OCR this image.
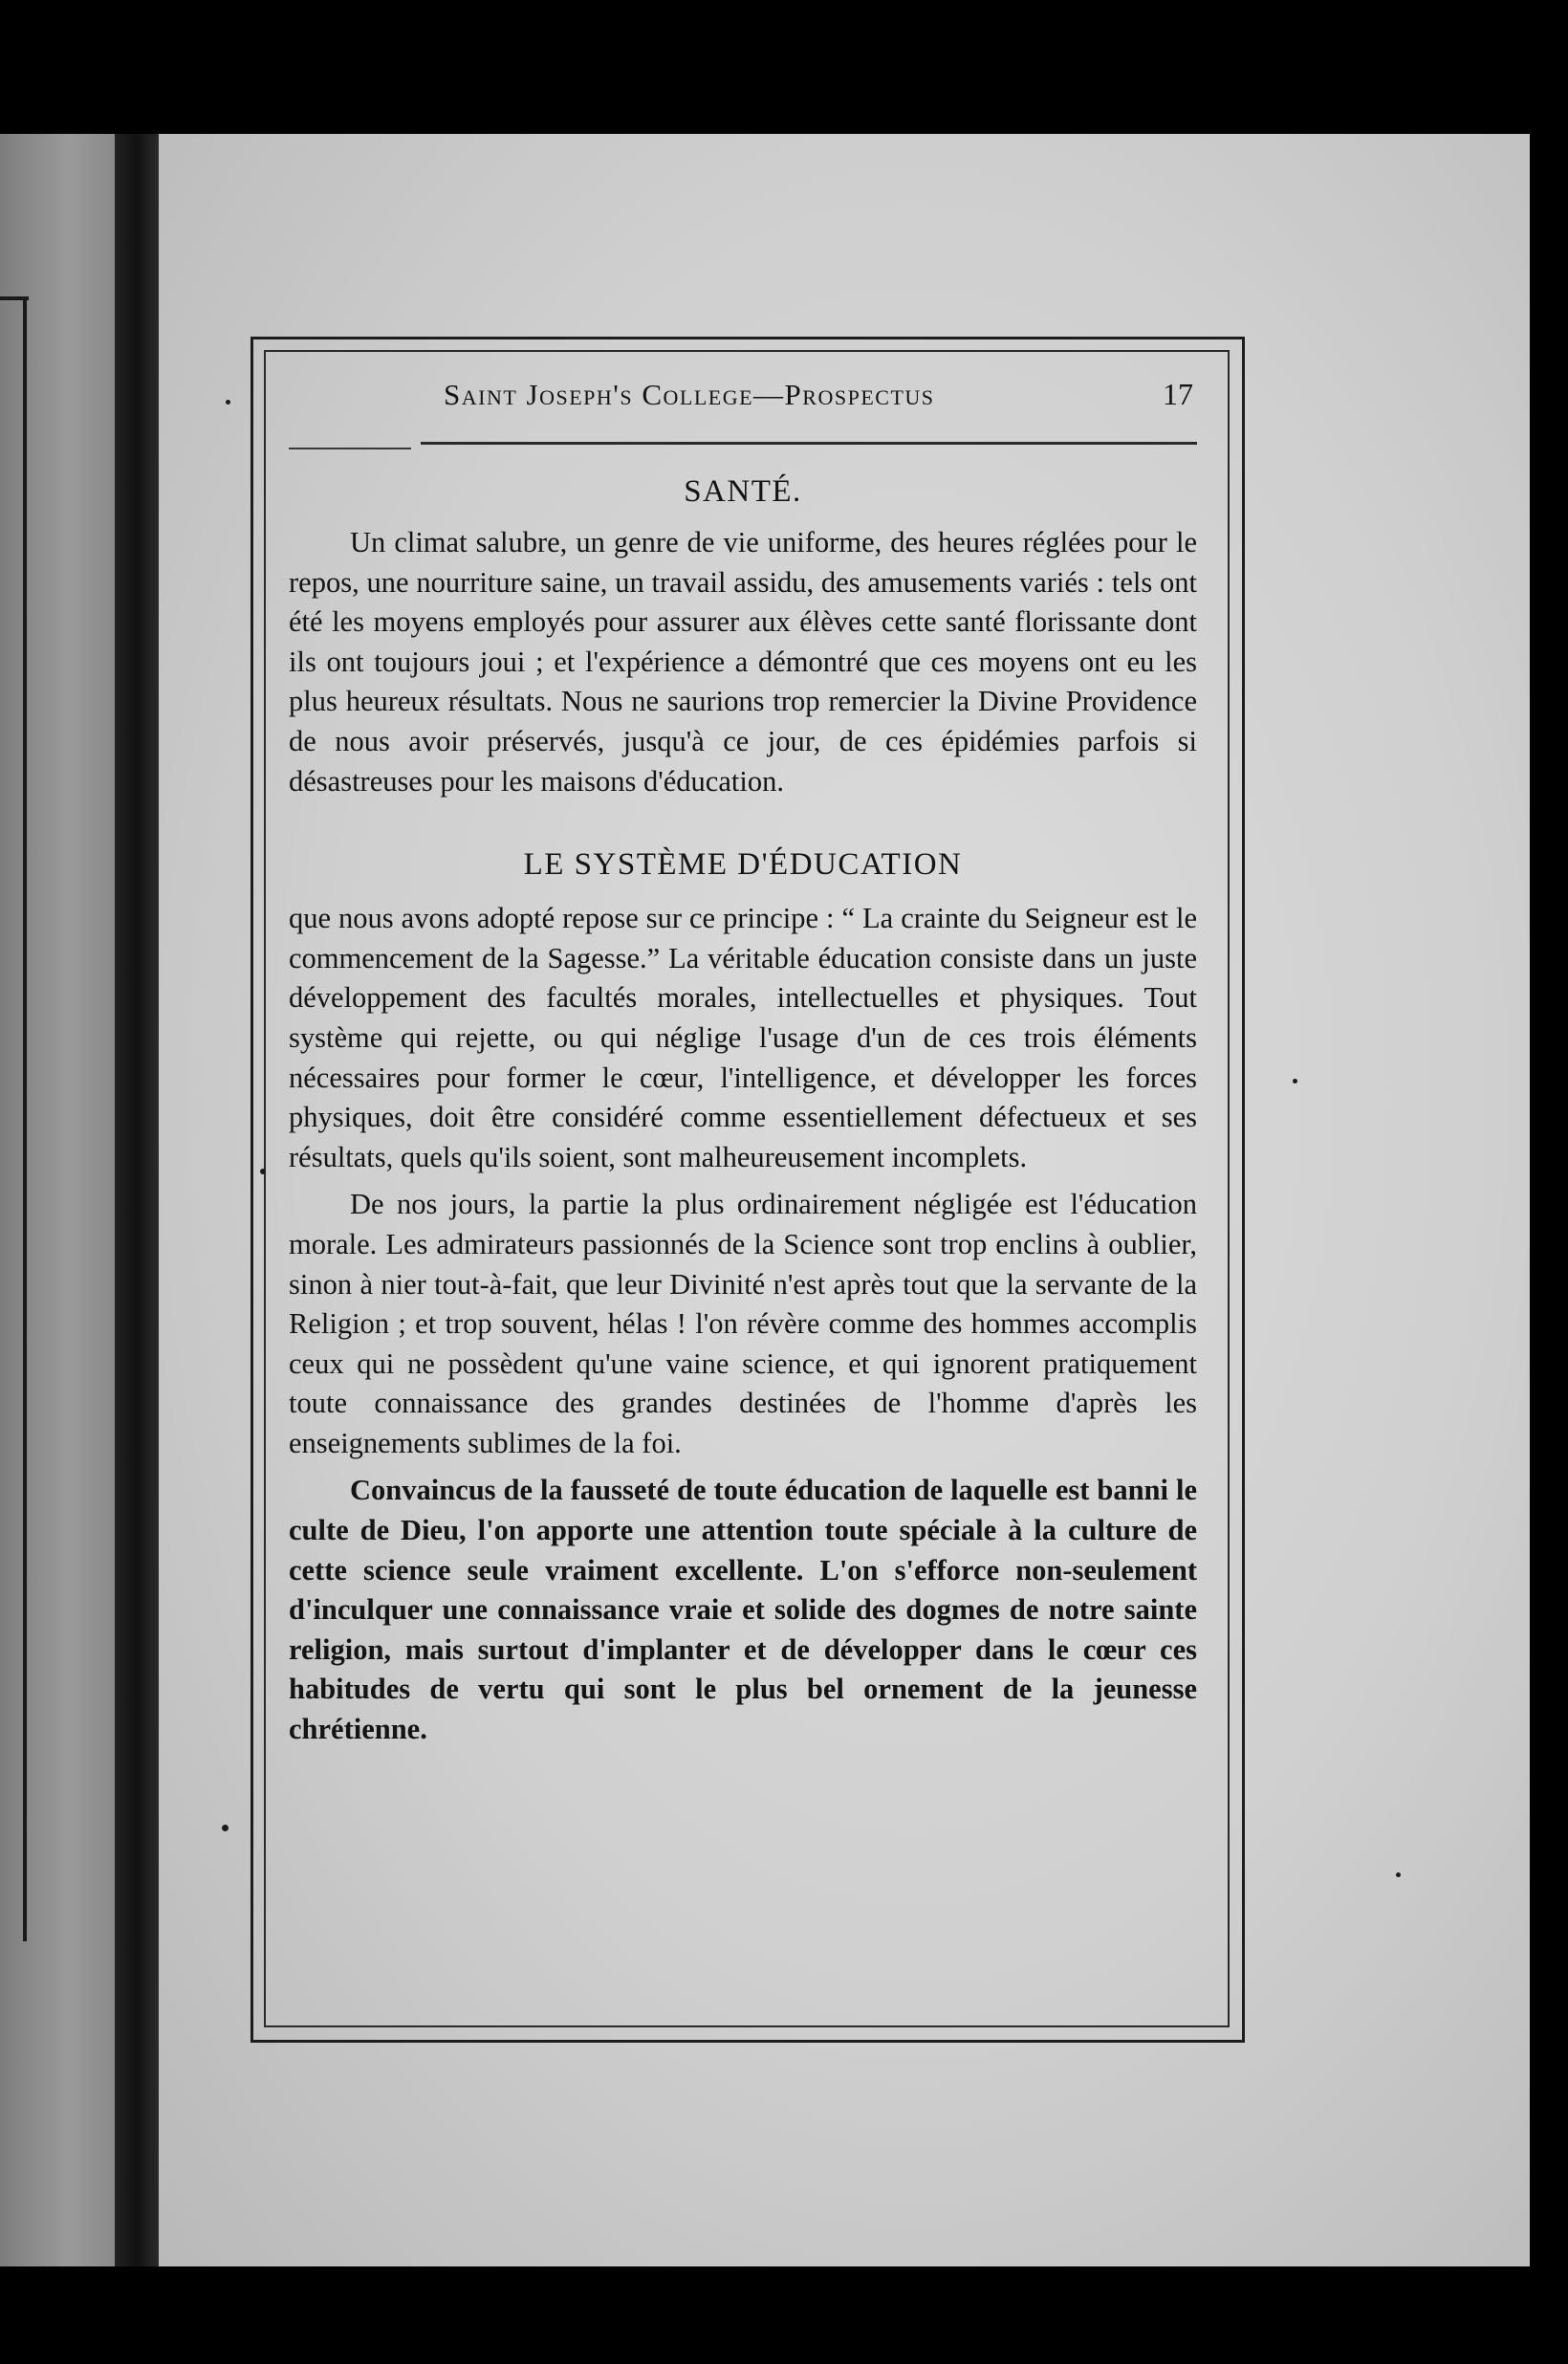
Saint Joseph's College—Prospectus	17
SANTÉ.

Un climat salubre, un genre de vie uniforme, des heures réglées pour le repos, une nourriture saine, un travail assidu, des amusements variés : tels ont été les moyens employés pour assurer aux élèves cette santé florissante dont ils ont toujours joui ; et l'expérience a démontré que ces moyens ont eu les plus heureux résultats. Nous ne saurions trop remercier la Divine Providence de nous avoir préservés, jusqu'à ce jour, de ces épidémies parfois si désastreuses pour les maisons d'éducation.

LE SYSTÈME D'ÉDUCATION

que nous avons adopté repose sur ce principe : “ La crainte du Seigneur est le commencement de la Sagesse.” La véritable éducation consiste dans un juste développement des facultés morales, intellectuelles et physiques. Tout système qui rejette, ou qui néglige l'usage d'un de ces trois éléments nécessaires pour former le cœur, l'intelligence, et développer les forces physiques, doit être considéré comme essentiellement défectueux et ses résultats, quels qu'ils soient, sont malheureusement incomplets.

De nos jours, la partie la plus ordinairement négligée est l'éducation morale. Les admirateurs passionnés de la Science sont trop enclins à oublier, sinon à nier tout-à-fait, que leur Divinité n'est après tout que la servante de la Religion ; et trop souvent, hélas ! l'on révère comme des hommes accomplis ceux qui ne possèdent qu'une vaine science, et qui ignorent pratiquement toute connaissance des grandes destinées de l'homme d'après les enseignements sublimes de la foi.

Convaincus de la fausseté de toute éducation de laquelle est banni le culte de Dieu, l'on apporte une attention toute spéciale à la culture de cette science seule vraiment excellente. L'on s'efforce non-seulement d'inculquer une connaissance vraie et solide des dogmes de notre sainte religion, mais surtout d'implanter et de développer dans le cœur ces habitudes de vertu qui sont le plus bel ornement de la jeunesse chrétienne.
